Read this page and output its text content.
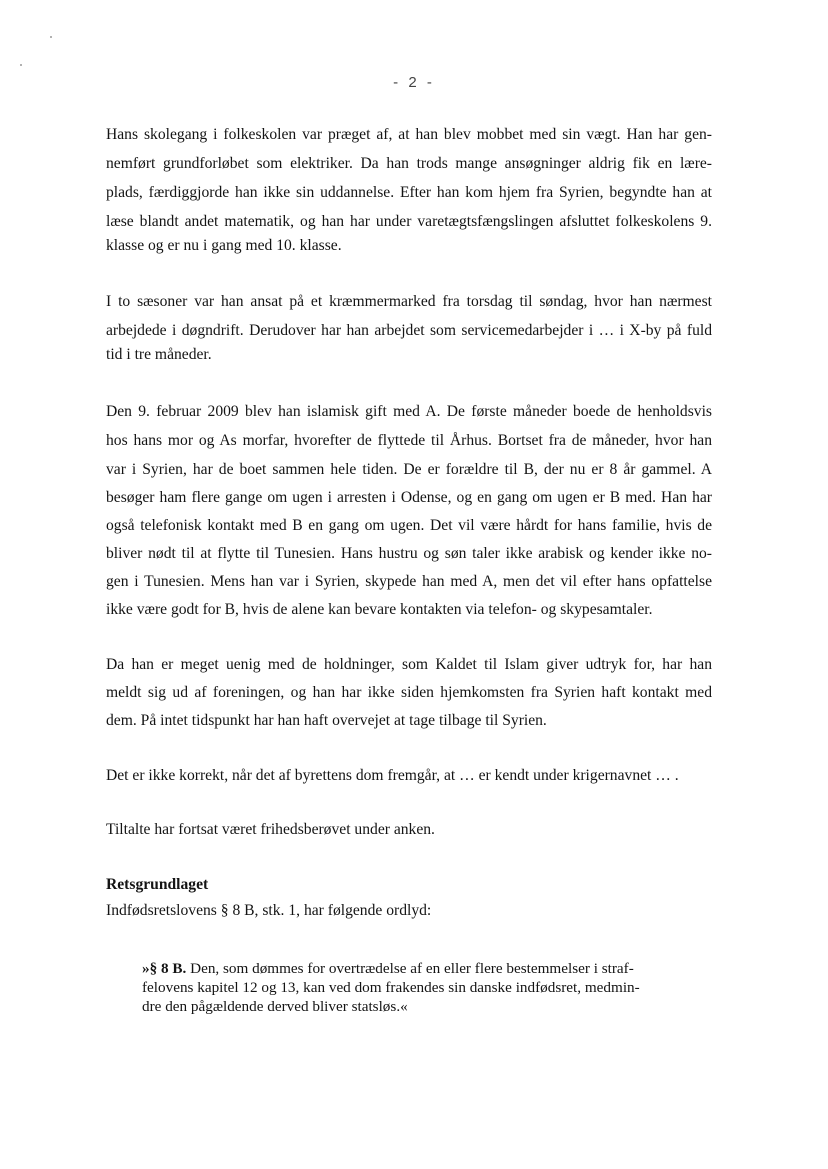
- 2 -
Hans skolegang i folkeskolen var præget af, at han blev mobbet med sin vægt. Han har gen-
nemført grundforløbet som elektriker. Da han trods mange ansøgninger aldrig fik en lære-
plads, færdiggjorde han ikke sin uddannelse. Efter han kom hjem fra Syrien, begyndte han at
læse blandt andet matematik, og han har under varetægtsfængslingen afsluttet folkeskolens 9.
klasse og er nu i gang med 10. klasse.
I to sæsoner var han ansat på et kræmmermarked fra torsdag til søndag, hvor han nærmest
arbejdede i døgndrift. Derudover har han arbejdet som servicemedarbejder i … i X-by på fuld
tid i tre måneder.
Den 9. februar 2009 blev han islamisk gift med A. De første måneder boede de henholdsvis
hos hans mor og As morfar, hvorefter de flyttede til Århus. Bortset fra de måneder, hvor han
var i Syrien, har de boet sammen hele tiden. De er forældre til B, der nu er 8 år gammel. A
besøger ham flere gange om ugen i arresten i Odense, og en gang om ugen er B med. Han har
også telefonisk kontakt med B en gang om ugen. Det vil være hårdt for hans familie, hvis de
bliver nødt til at flytte til Tunesien. Hans hustru og søn taler ikke arabisk og kender ikke no-
gen i Tunesien. Mens han var i Syrien, skypede han med A, men det vil efter hans opfattelse
ikke være godt for B, hvis de alene kan bevare kontakten via telefon- og skypesamtaler.
Da han er meget uenig med de holdninger, som Kaldet til Islam giver udtryk for, har han
meldt sig ud af foreningen, og han har ikke siden hjemkomsten fra Syrien haft kontakt med
dem. På intet tidspunkt har han haft overvejet at tage tilbage til Syrien.
Det er ikke korrekt, når det af byrettens dom fremgår, at … er kendt under krigernavnet … .
Tiltalte har fortsat været frihedsberøvet under anken.
Retsgrundlaget
Indfødsretslovens § 8 B, stk. 1, har følgende ordlyd:
»§ 8 B. Den, som dømmes for overtrædelse af en eller flere bestemmelser i straf-
felovens kapitel 12 og 13, kan ved dom frakendes sin danske indfødsret, medmin-
dre den pågældende derved bliver statsløs.«
